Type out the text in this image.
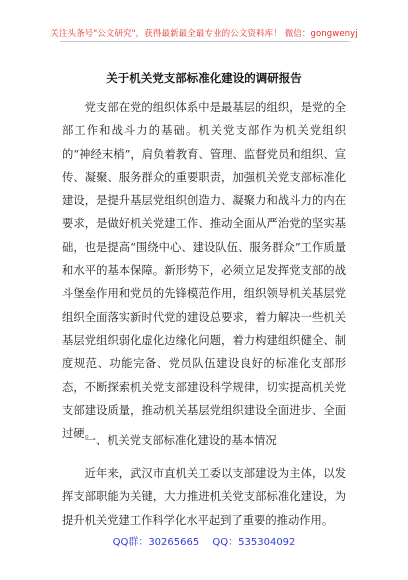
关注头条号"公文研究"，获得最新最全最专业的公文资料库！ 微信：gongwenyj
关于机关党支部标准化建设的调研报告

党支部在党的组织体系中是最基层的组织，是党的全部工作和战斗力的基础。机关党支部作为机关党组织的“神经末梢”，肩负着教育、管理、监督党员和组织、宣传、凝聚、服务群众的重要职责，加强机关党支部标准化建设，是提升基层党组织创造力、凝聚力和战斗力的内在要求，是做好机关党建工作、推动全面从严治党的坚实基础，也是提高“围绕中心、建设队伍、服务群众”工作质量和水平的基本保障。新形势下，必须立足发挥党支部的战斗堡垒作用和党员的先锋模范作用，组织领导机关基层党组织全面落实新时代党的建设总要求，着力解决一些机关基层党组织弱化虚化边缘化问题，着力构建组织健全、制度规范、功能完备、党员队伍建设良好的标准化支部形态，不断探索机关党支部建设科学规律，切实提高机关党支部建设质量，推动机关基层党组织建设全面进步、全面过硬。

一、机关党支部标准化建设的基本情况

近年来，武汉市直机关工委以支部建设为主体，以发挥支部职能为关键，大力推进机关党支部标准化建设，为提升机关党建工作科学化水平起到了重要的推动作用。

QQ群：30265665 QQ：535304092
